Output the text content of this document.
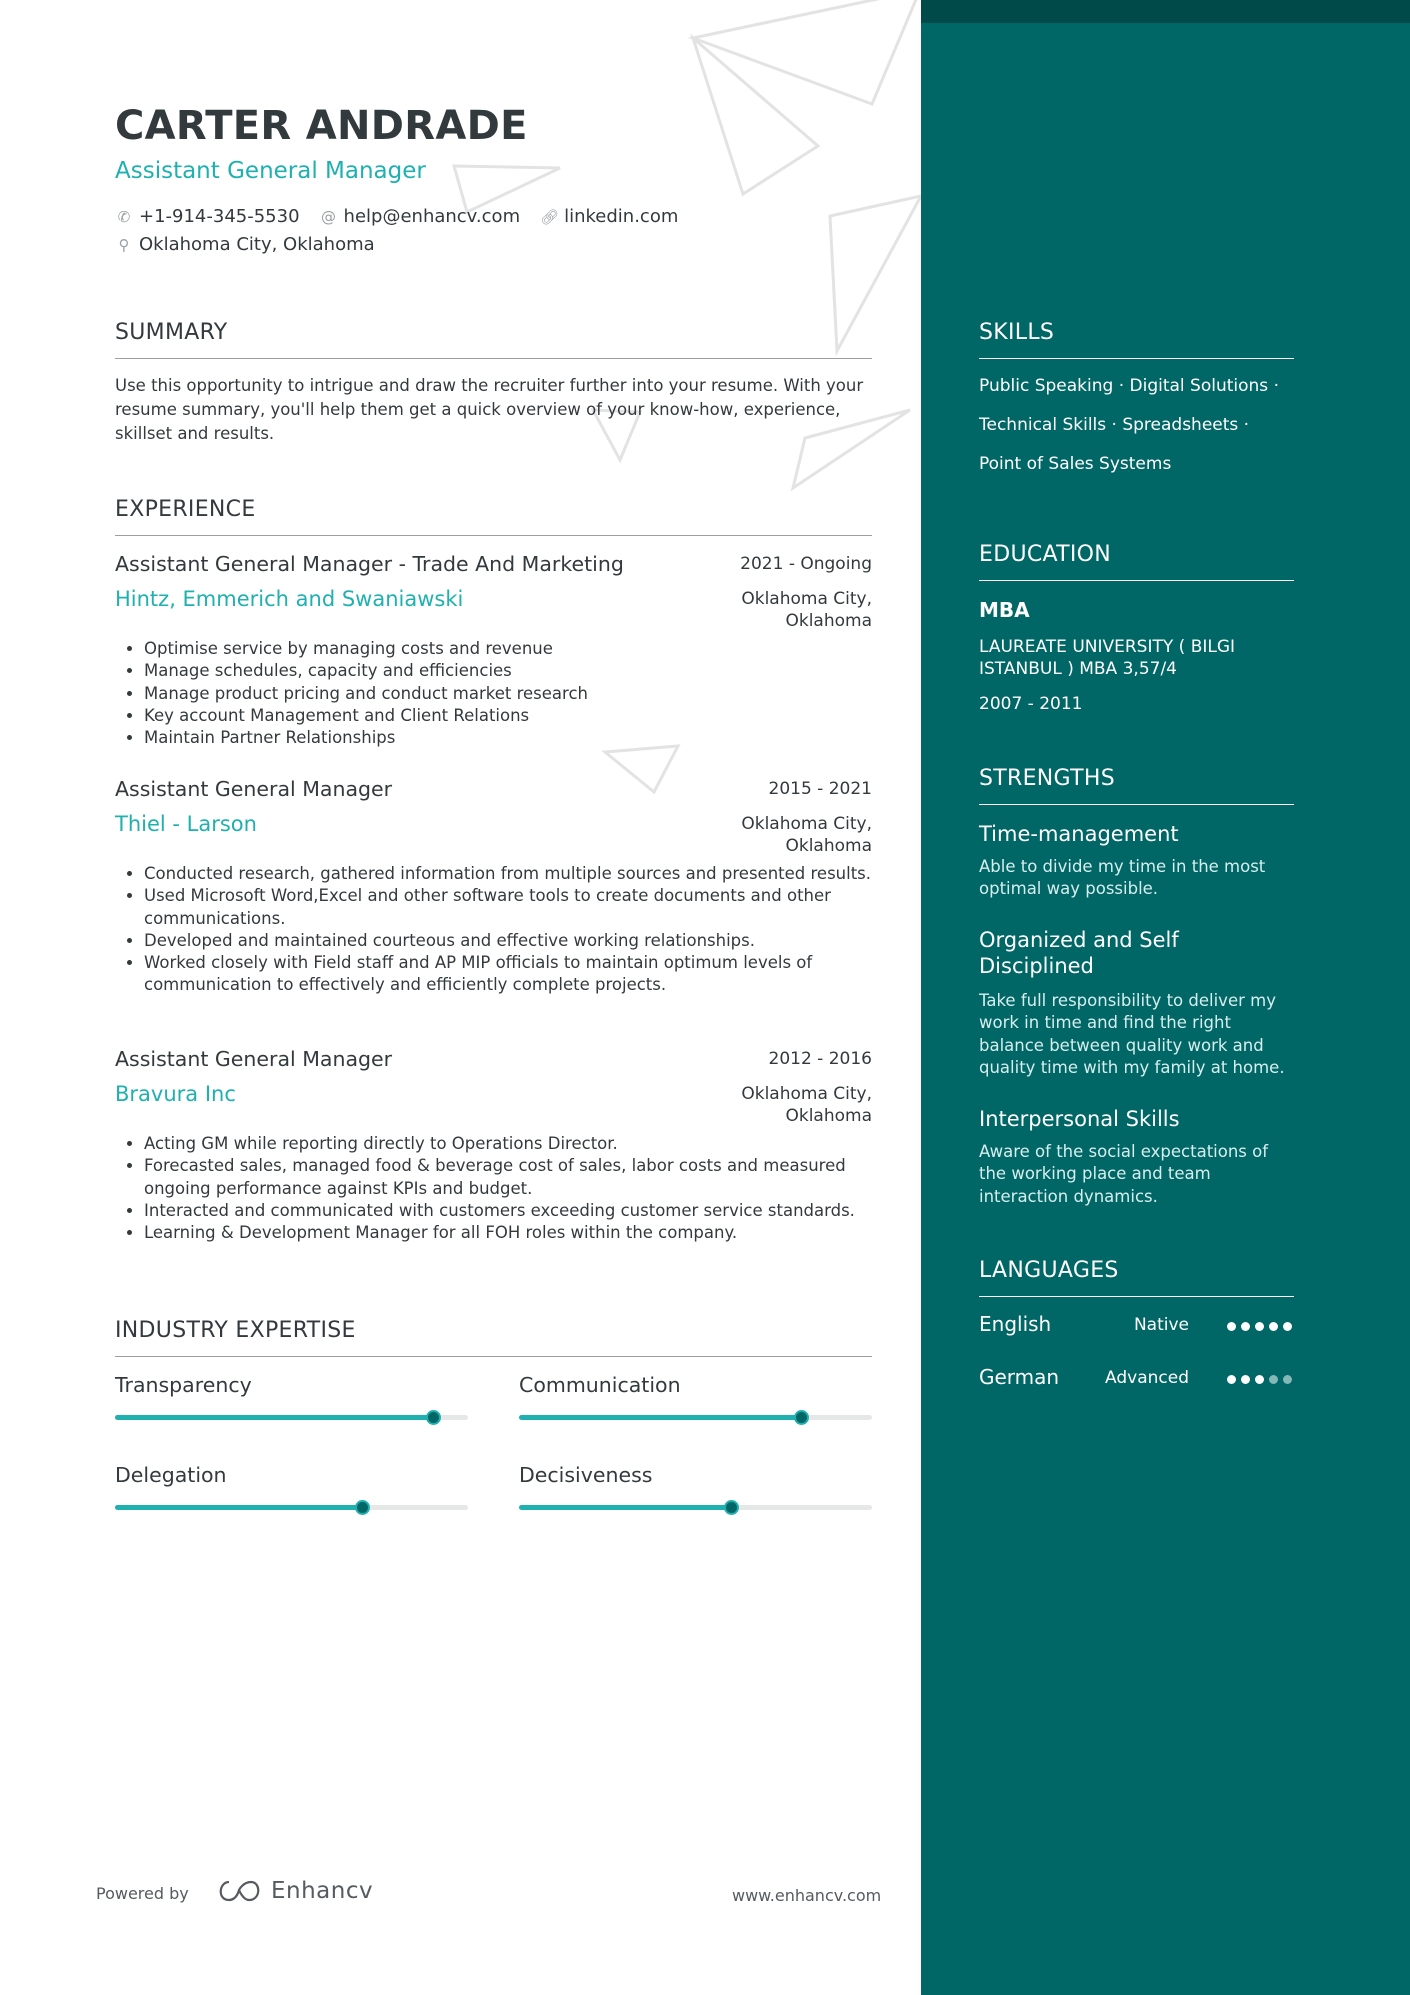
CARTER ANDRADE
Assistant General Manager
✆ +1-914-345-5530 @ help@enhancv.com 🔗︎ linkedin.com
⚲ Oklahoma City, Oklahoma
SUMMARY
Use this opportunity to intrigue and draw the recruiter further into your resume. With your resume summary, you'll help them get a quick overview of your know-how, experience, skillset and results.
EXPERIENCE
Assistant General Manager - Trade And Marketing	2021 - Ongoing
Hintz, Emmerich and Swaniawski	Oklahoma City,
Oklahoma
• Optimise service by managing costs and revenue
• Manage schedules, capacity and efficiencies
• Manage product pricing and conduct market research
• Key account Management and Client Relations
• Maintain Partner Relationships
Assistant General Manager	2015 - 2021
Thiel - Larson	Oklahoma City,
Oklahoma
• Conducted research, gathered information from multiple sources and presented results.
• Used Microsoft Word,Excel and other software tools to create documents and other communications.
• Developed and maintained courteous and effective working relationships.
• Worked closely with Field staff and AP MIP officials to maintain optimum levels of communication to effectively and efficiently complete projects.
Assistant General Manager	2012 - 2016
Bravura Inc	Oklahoma City,
Oklahoma
• Acting GM while reporting directly to Operations Director.
• Forecasted sales, managed food & beverage cost of sales, labor costs and measured ongoing performance against KPIs and budget.
• Interacted and communicated with customers exceeding customer service standards.
• Learning & Development Manager for all FOH roles within the company.
INDUSTRY EXPERTISE
Transparency	Communication
Delegation	Decisiveness
Powered by	Enhancv	www.enhancv.com
SKILLS
Public Speaking · Digital Solutions ·
Technical Skills · Spreadsheets ·
Point of Sales Systems
EDUCATION
MBA
LAUREATE UNIVERSITY ( BILGI ISTANBUL ) MBA 3,57/4
2007 - 2011
STRENGTHS
Time-management
Able to divide my time in the most optimal way possible.
Organized and Self Disciplined
Take full responsibility to deliver my work in time and find the right balance between quality work and quality time with my family at home.
Interpersonal Skills
Aware of the social expectations of the working place and team interaction dynamics.
LANGUAGES
English	Native
German	Advanced
